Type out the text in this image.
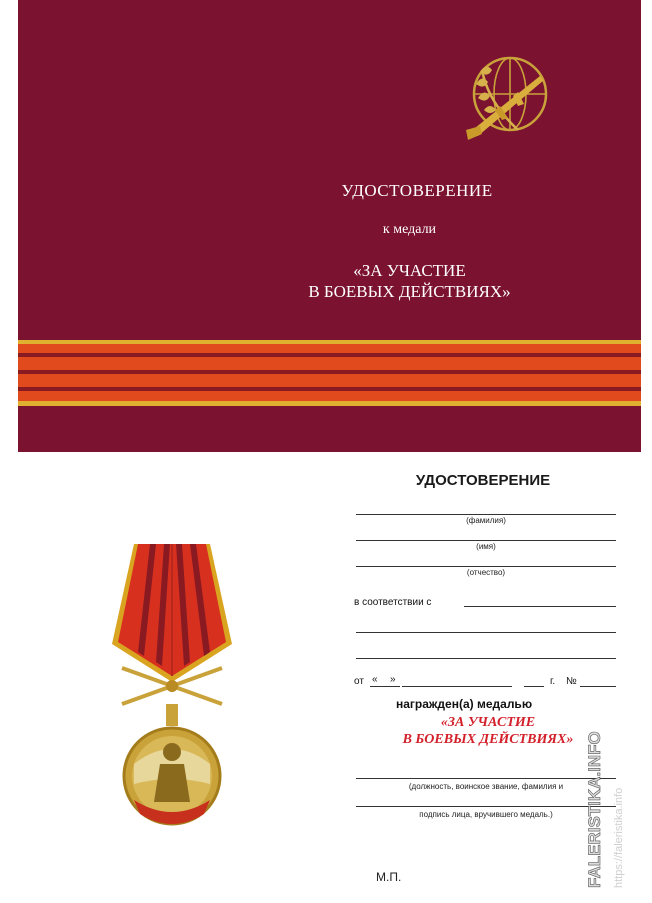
УДОСТОВЕРЕНИЕ
к медали
«ЗА УЧАСТИЕ
В БОЕВЫХ ДЕЙСТВИЯХ»
УДОСТОВЕРЕНИЕ
(фамилия)
(имя)
(отчество)
в соответствии с
от « »	г. №
награжден(а) медалью
«ЗА УЧАСТИЕ
В БОЕВЫХ ДЕЙСТВИЯХ»
(должность, воинское звание, фамилия и
подпись лица, вручившего медаль.)
М.П.	FALERISTIKA.INFO https://faleristika.info
